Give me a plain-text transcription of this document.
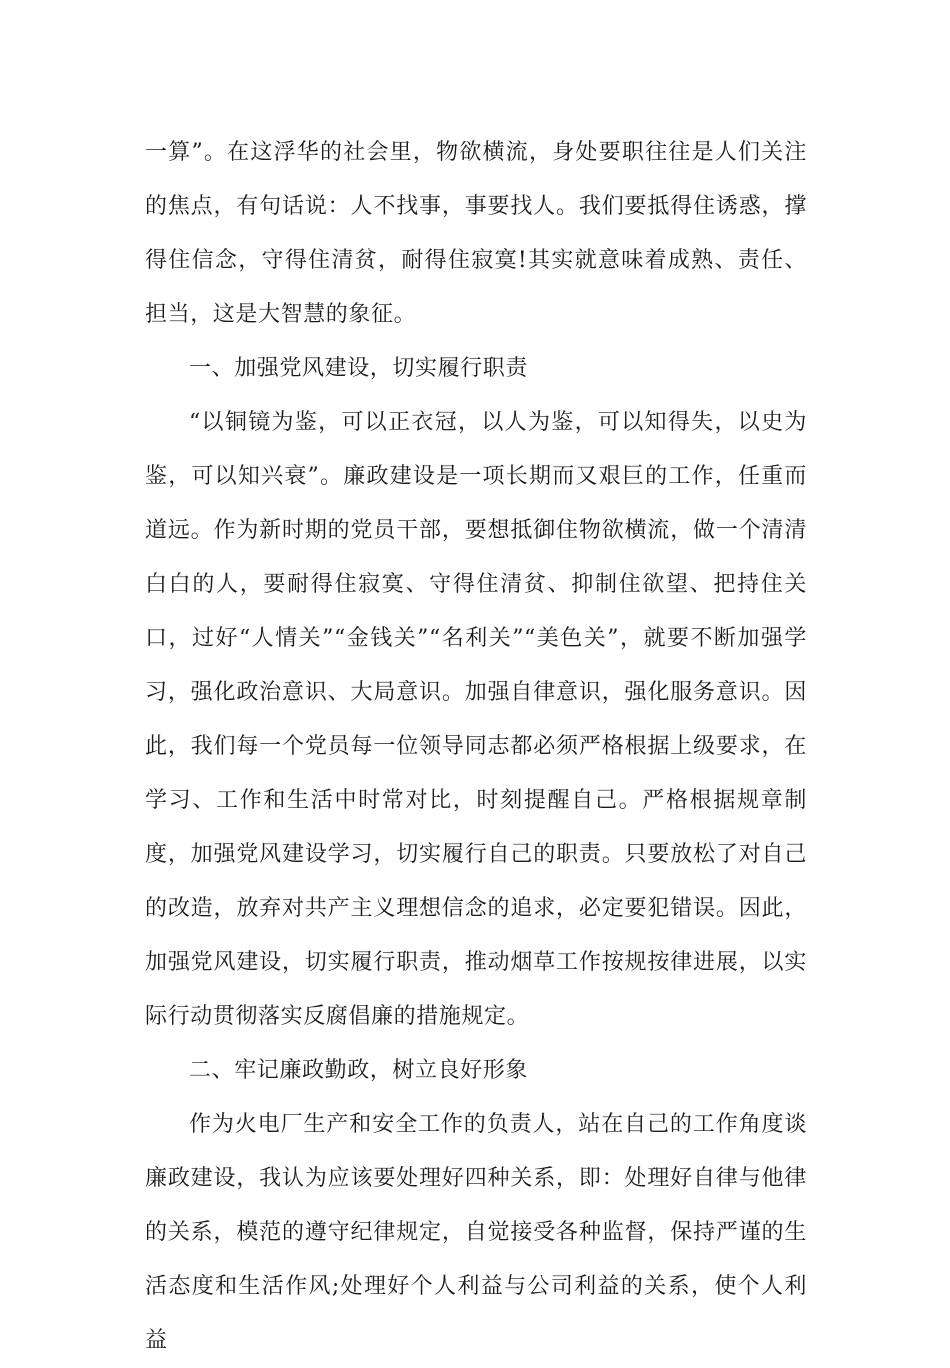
一算”。在这浮华的社会里，物欲横流，身处要职往往是人们关注的焦点，有句话说：人不找事，事要找人。我们要抵得住诱惑，撑得住信念，守得住清贫，耐得住寂寞!其实就意味着成熟、责任、担当，这是大智慧的象征。

一、加强党风建设，切实履行职责

“以铜镜为鉴，可以正衣冠，以人为鉴，可以知得失，以史为鉴，可以知兴衰”。廉政建设是一项长期而又艰巨的工作，任重而道远。作为新时期的党员干部，要想抵御住物欲横流，做一个清清白白的人，要耐得住寂寞、守得住清贫、抑制住欲望、把持住关口，过好“人情关”“金钱关”“名利关”“美色关”，就要不断加强学习，强化政治意识、大局意识。加强自律意识，强化服务意识。因此，我们每一个党员每一位领导同志都必须严格根据上级要求，在学习、工作和生活中时常对比，时刻提醒自己。严格根据规章制度，加强党风建设学习，切实履行自己的职责。只要放松了对自己的改造，放弃对共产主义理想信念的追求，必定要犯错误。因此，加强党风建设，切实履行职责，推动烟草工作按规按律进展，以实际行动贯彻落实反腐倡廉的措施规定。

二、牢记廉政勤政，树立良好形象

作为火电厂生产和安全工作的负责人，站在自己的工作角度谈廉政建设，我认为应该要处理好四种关系，即：处理好自律与他律的关系，模范的遵守纪律规定，自觉接受各种监督，保持严谨的生活态度和生活作风;处理好个人利益与公司利益的关系，使个人利益
